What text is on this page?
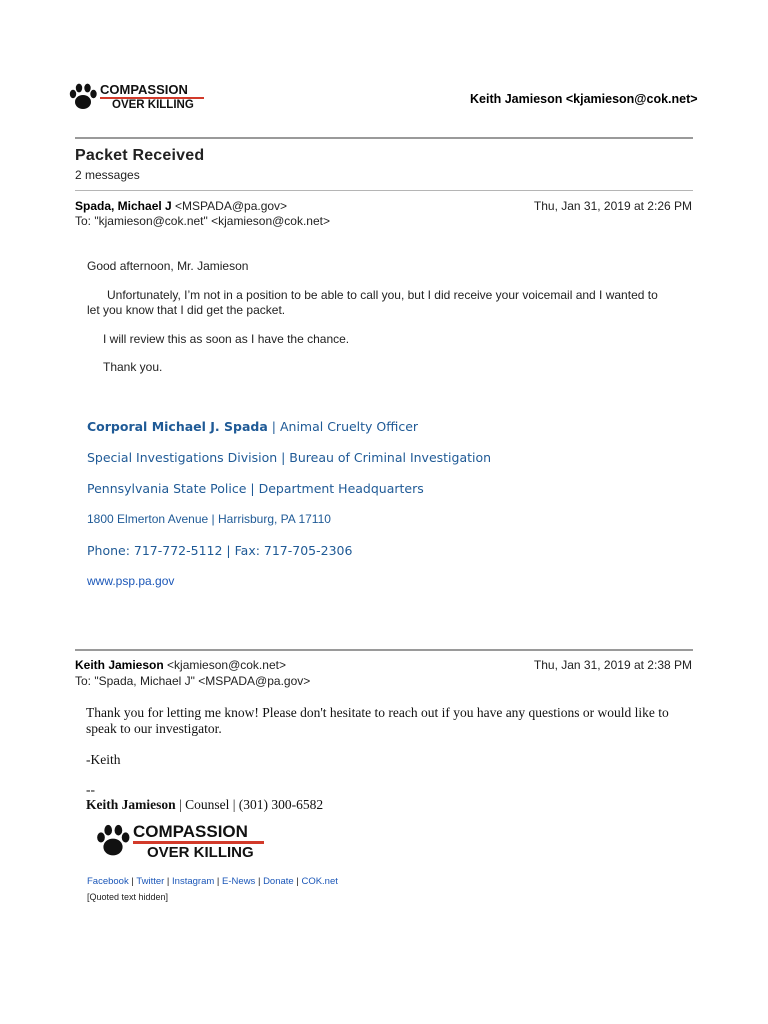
COMPASSION
OVER KILLING	Keith Jamieson <kjamieson@cok.net>
Packet Received
2 messages
Spada, Michael J <MSPADA@pa.gov>	Thu, Jan 31, 2019 at 2:26 PM
To: "kjamieson@cok.net" <kjamieson@cok.net>
Good afternoon, Mr. Jamieson
Unfortunately, I’m not in a position to be able to call you, but I did receive your voicemail and I wanted to
let you know that I did get the packet.
I will review this as soon as I have the chance.
Thank you.
Corporal Michael J. Spada | Animal Cruelty Officer
Special Investigations Division | Bureau of Criminal Investigation
Pennsylvania State Police | Department Headquarters
1800 Elmerton Avenue | Harrisburg, PA 17110
Phone: 717-772-5112 | Fax: 717-705-2306
www.psp.pa.gov
Keith Jamieson <kjamieson@cok.net>	Thu, Jan 31, 2019 at 2:38 PM
To: "Spada, Michael J" <MSPADA@pa.gov>
Thank you for letting me know! Please don't hesitate to reach out if you have any questions or would like to
speak to our investigator.
-Keith
--
Keith Jamieson | Counsel | (301) 300-6582
COMPASSION
OVER KILLING
Facebook | Twitter | Instagram | E-News | Donate | COK.net
[Quoted text hidden]
